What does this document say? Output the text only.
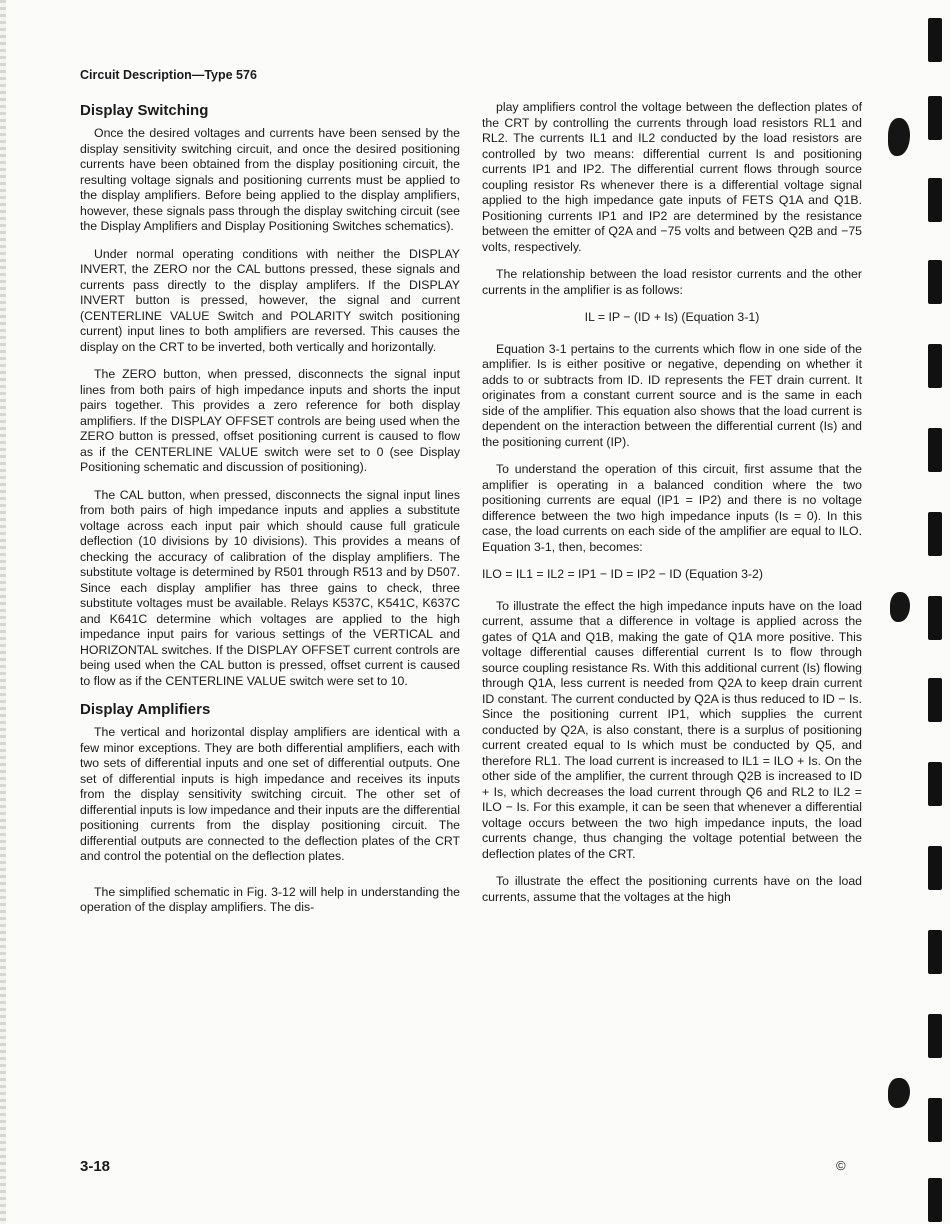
Circuit Description—Type 576
Display Switching

Once the desired voltages and currents have been sensed by the display sensitivity switching circuit, and once the desired positioning currents have been obtained from the display positioning circuit, the resulting voltage signals and positioning currents must be applied to the display amplifiers. Before being applied to the display amplifiers, however, these signals pass through the display switching circuit (see the Display Amplifiers and Display Positioning Switches schematics).

Under normal operating conditions with neither the DISPLAY INVERT, the ZERO nor the CAL buttons pressed, these signals and currents pass directly to the display amplifers. If the DISPLAY INVERT button is pressed, however, the signal and current (CENTERLINE VALUE Switch and POLARITY switch positioning current) input lines to both amplifiers are reversed. This causes the display on the CRT to be inverted, both vertically and horizontally.

The ZERO button, when pressed, disconnects the signal input lines from both pairs of high impedance inputs and shorts the input pairs together. This provides a zero reference for both display amplifiers. If the DISPLAY OFFSET controls are being used when the ZERO button is pressed, offset positioning current is caused to flow as if the CENTERLINE VALUE switch were set to 0 (see Display Positioning schematic and discussion of positioning).

The CAL button, when pressed, disconnects the signal input lines from both pairs of high impedance inputs and applies a substitute voltage across each input pair which should cause full graticule deflection (10 divisions by 10 divisions). This provides a means of checking the accuracy of calibration of the display amplifiers. The substitute voltage is determined by R501 through R513 and by D507. Since each display amplifier has three gains to check, three substitute voltages must be available. Relays K537C, K541C, K637C and K641C determine which voltages are applied to the high impedance input pairs for various settings of the VERTICAL and HORIZONTAL switches. If the DISPLAY OFFSET current controls are being used when the CAL button is pressed, offset current is caused to flow as if the CENTERLINE VALUE switch were set to 10.

Display Amplifiers

The vertical and horizontal display amplifiers are identical with a few minor exceptions. They are both differential amplifiers, each with two sets of differential inputs and one set of differential outputs. One set of differential inputs is high impedance and receives its inputs from the display sensitivity switching circuit. The other set of differential inputs is low impedance and their inputs are the differential positioning currents from the display positioning circuit. The differential outputs are connected to the deflection plates of the CRT and control the potential on the deflection plates.

The simplified schematic in Fig. 3-12 will help in understanding the operation of the display amplifiers. The dis-

play amplifiers control the voltage between the deflection plates of the CRT by controlling the currents through load resistors RL1 and RL2. The currents IL1 and IL2 conducted by the load resistors are controlled by two means: differential current Is and positioning currents IP1 and IP2. The differential current flows through source coupling resistor Rs whenever there is a differential voltage signal applied to the high impedance gate inputs of FETS Q1A and Q1B. Positioning currents IP1 and IP2 are determined by the resistance between the emitter of Q2A and −75 volts and between Q2B and −75 volts, respectively.

The relationship between the load resistor currents and the other currents in the amplifier is as follows:

IL = IP − (ID + Is) (Equation 3-1)

Equation 3-1 pertains to the currents which flow in one side of the amplifier. Is is either positive or negative, depending on whether it adds to or subtracts from ID. ID represents the FET drain current. It originates from a constant current source and is the same in each side of the amplifier. This equation also shows that the load current is dependent on the interaction between the differential current (Is) and the positioning current (IP).

To understand the operation of this circuit, first assume that the amplifier is operating in a balanced condition where the two positioning currents are equal (IP1 = IP2) and there is no voltage difference between the two high impedance inputs (Is = 0). In this case, the load currents on each side of the amplifier are equal to ILO. Equation 3-1, then, becomes:

ILO = IL1 = IL2 = IP1 − ID = IP2 − ID (Equation 3-2)

To illustrate the effect the high impedance inputs have on the load current, assume that a difference in voltage is applied across the gates of Q1A and Q1B, making the gate of Q1A more positive. This voltage differential causes differential current Is to flow through source coupling resistance Rs. With this additional current (Is) flowing through Q1A, less current is needed from Q2A to keep drain current ID constant. The current conducted by Q2A is thus reduced to ID − Is. Since the positioning current IP1, which supplies the current conducted by Q2A, is also constant, there is a surplus of positioning current created equal to Is which must be conducted by Q5, and therefore RL1. The load current is increased to IL1 = ILO + Is. On the other side of the amplifier, the current through Q2B is increased to ID + Is, which decreases the load current through Q6 and RL2 to IL2 = ILO − Is. For this example, it can be seen that whenever a differential voltage occurs between the two high impedance inputs, the load currents change, thus changing the voltage potential between the deflection plates of the CRT.

To illustrate the effect the positioning currents have on the load currents, assume that the voltages at the high

3-18	©
